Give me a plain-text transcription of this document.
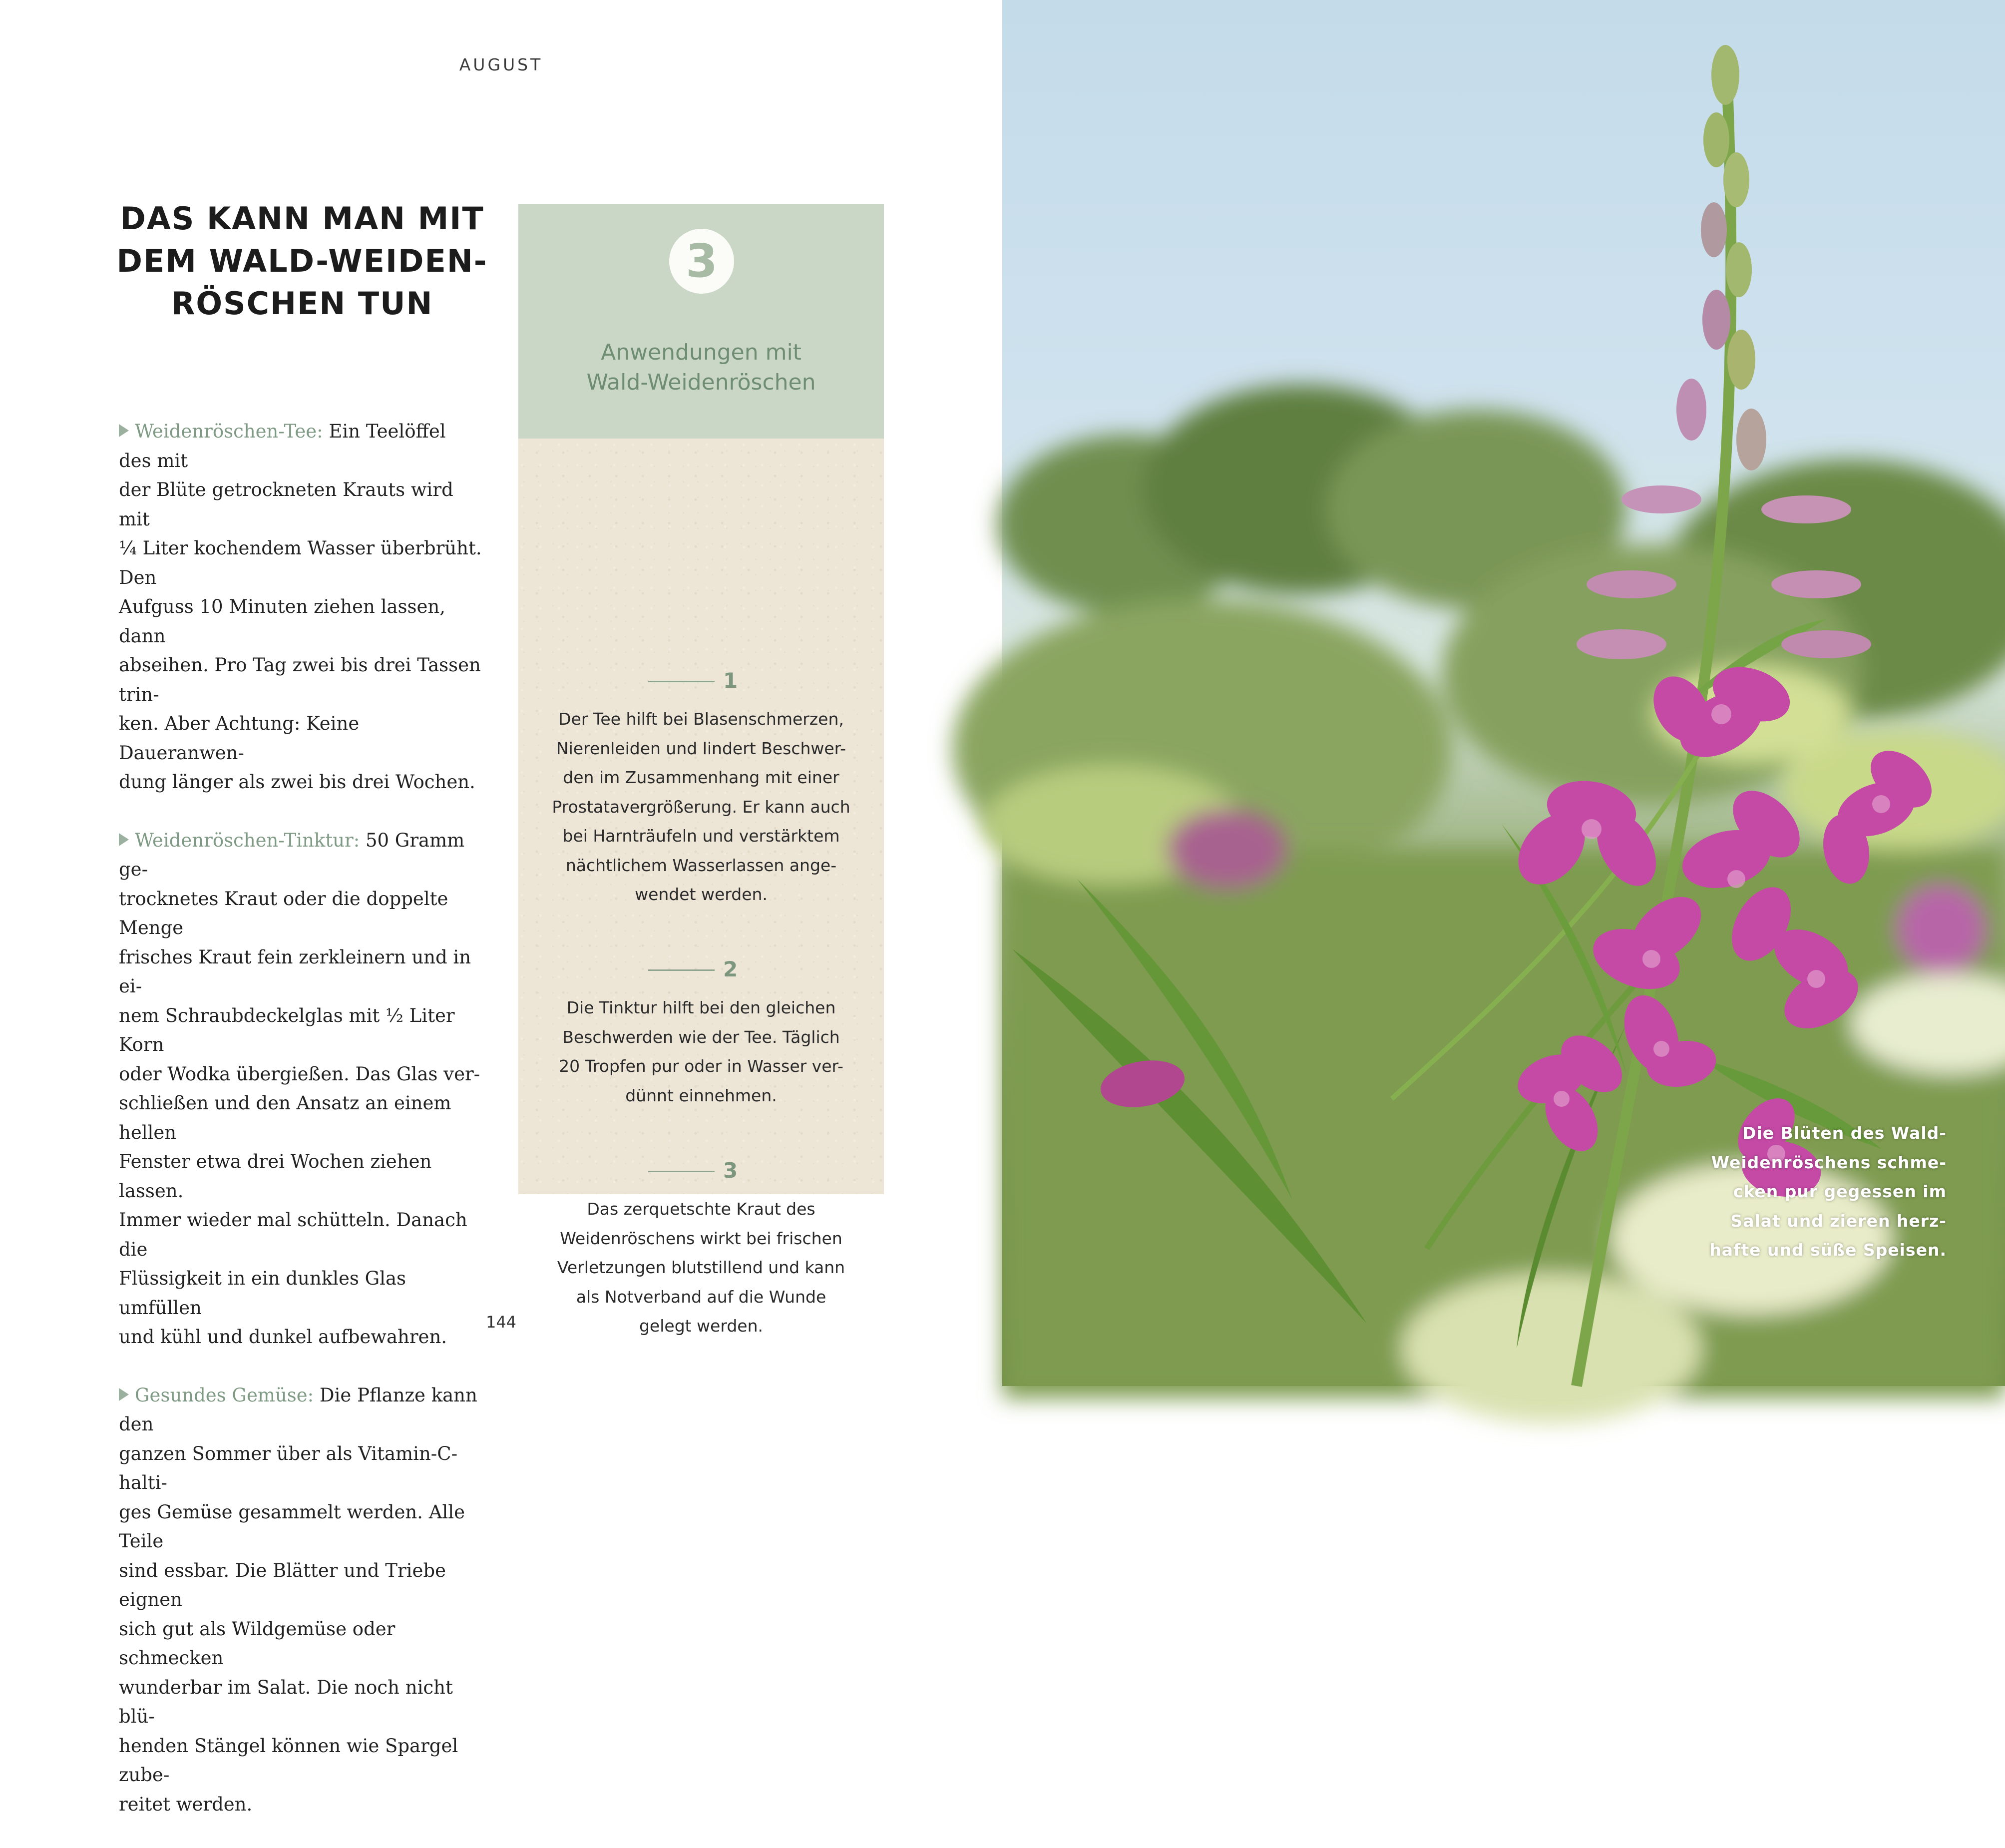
AUGUST
DAS KANN MAN MIT DEM WALD-WEIDEN-RÖSCHEN TUN

Weidenröschen-Tee: Ein Teelöffel des mit
der Blüte getrockneten Krauts wird mit
¼ Liter kochendem Wasser überbrüht. Den
Aufguss 10 Minuten ziehen lassen, dann
abseihen. Pro Tag zwei bis drei Tassen trin-
ken. Aber Achtung: Keine Daueranwen-
dung länger als zwei bis drei Wochen.

Weidenröschen-Tinktur: 50 Gramm ge-
trocknetes Kraut oder die doppelte Menge
frisches Kraut fein zerkleinern und in ei-
nem Schraubdeckelglas mit ½ Liter Korn
oder Wodka übergießen. Das Glas ver-
schließen und den Ansatz an einem hellen
Fenster etwa drei Wochen ziehen lassen.
Immer wieder mal schütteln. Danach die
Flüssigkeit in ein dunkles Glas umfüllen
und kühl und dunkel aufbewahren.

Gesundes Gemüse: Die Pflanze kann den
ganzen Sommer über als Vitamin-C-halti-
ges Gemüse gesammelt werden. Alle Teile
sind essbar. Die Blätter und Triebe eignen
sich gut als Wildgemüse oder schmecken
wunderbar im Salat. Die noch nicht blü-
henden Stängel können wie Spargel zube-
reitet werden.

3
Anwendungen mit
Wald-Weidenröschen
1
Der Tee hilft bei Blasenschmerzen,
Nierenleiden und lindert Beschwer-
den im Zusammenhang mit einer
Prostatavergrößerung. Er kann auch
bei Harnträufeln und verstärktem
nächtlichem Wasserlassen ange-
wendet werden.
2
Die Tinktur hilft bei den gleichen
Beschwerden wie der Tee. Täglich
20 Tropfen pur oder in Wasser ver-
dünnt einnehmen.
3
Das zerquetschte Kraut des
Weidenröschens wirkt bei frischen
Verletzungen blutstillend und kann
als Notverband auf die Wunde
gelegt werden.
144
Die Blüten des Wald-
Weidenröschens schme-
cken pur gegessen im
Salat und zieren herz-
hafte und süße Speisen.
